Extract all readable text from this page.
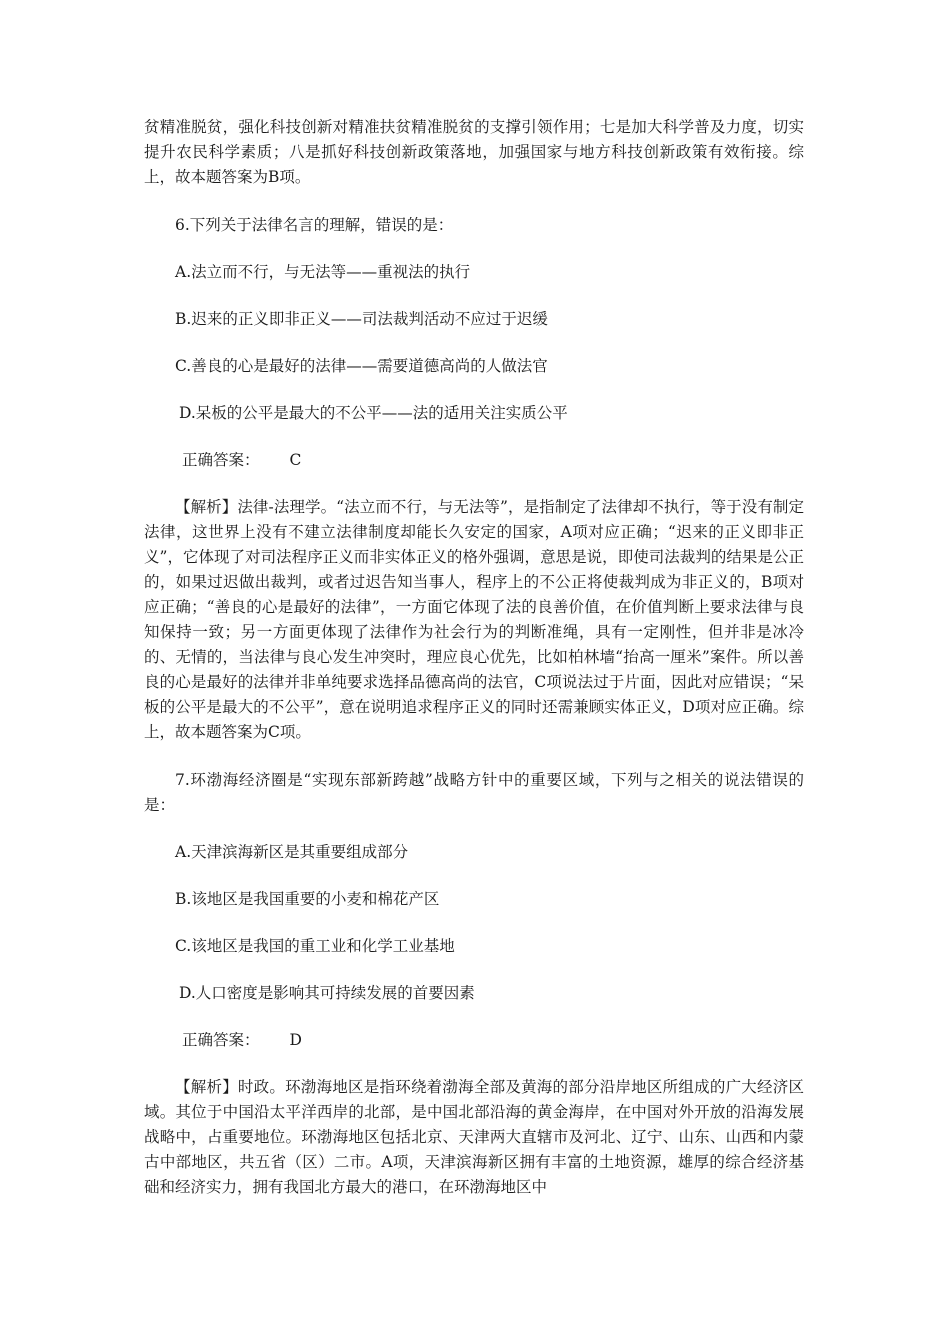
贫精准脱贫，强化科技创新对精准扶贫精准脱贫的支撑引领作用；七是加大科学普及力度，切实提升农民科学素质；八是抓好科技创新政策落地，加强国家与地方科技创新政策有效衔接。综上，故本题答案为B项。

6.下列关于法律名言的理解，错误的是：

A.法立而不行，与无法等——重视法的执行

B.迟来的正义即非正义——司法裁判活动不应过于迟缓

C.善良的心是最好的法律——需要道德高尚的人做法官

D.呆板的公平是最大的不公平——法的适用关注实质公平

正确答案： C

【解析】法律-法理学。“法立而不行，与无法等”，是指制定了法律却不执行，等于没有制定法律，这世界上没有不建立法律制度却能长久安定的国家，A项对应正确；“迟来的正义即非正义”，它体现了对司法程序正义而非实体正义的格外强调，意思是说，即使司法裁判的结果是公正的，如果过迟做出裁判，或者过迟告知当事人，程序上的不公正将使裁判成为非正义的，B项对应正确；“善良的心是最好的法律”，一方面它体现了法的良善价值，在价值判断上要求法律与良知保持一致；另一方面更体现了法律作为社会行为的判断准绳，具有一定刚性，但并非是冰冷的、无情的，当法律与良心发生冲突时，理应良心优先，比如柏林墙“抬高一厘米”案件。所以善良的心是最好的法律并非单纯要求选择品德高尚的法官，C项说法过于片面，因此对应错误；“呆板的公平是最大的不公平”，意在说明追求程序正义的同时还需兼顾实体正义，D项对应正确。综上，故本题答案为C项。

7.环渤海经济圈是“实现东部新跨越”战略方针中的重要区域，下列与之相关的说法错误的是：

A.天津滨海新区是其重要组成部分

B.该地区是我国重要的小麦和棉花产区

C.该地区是我国的重工业和化学工业基地

D.人口密度是影响其可持续发展的首要因素

正确答案： D

【解析】时政。环渤海地区是指环绕着渤海全部及黄海的部分沿岸地区所组成的广大经济区域。其位于中国沿太平洋西岸的北部，是中国北部沿海的黄金海岸，在中国对外开放的沿海发展战略中，占重要地位。环渤海地区包括北京、天津两大直辖市及河北、辽宁、山东、山西和内蒙古中部地区，共五省（区）二市。A项，天津滨海新区拥有丰富的土地资源，雄厚的综合经济基础和经济实力，拥有我国北方最大的港口，在环渤海地区中
